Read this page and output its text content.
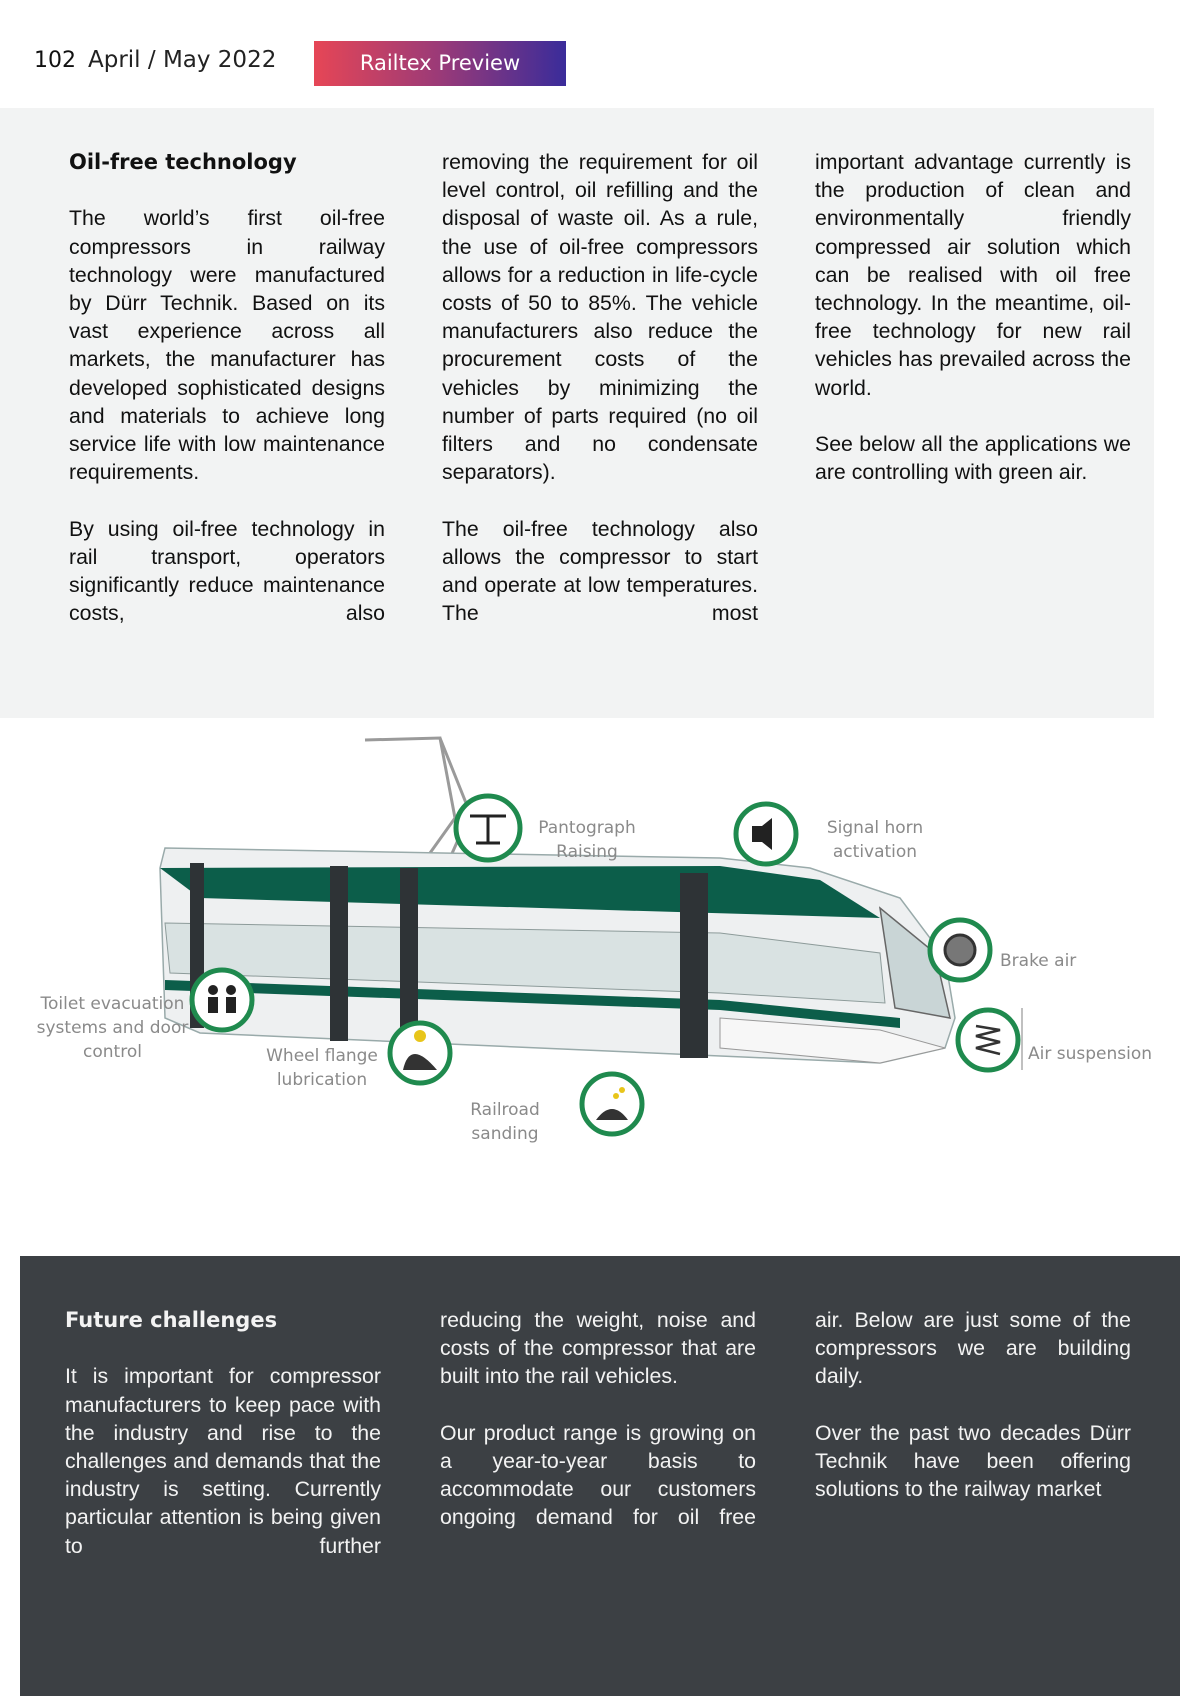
102 April / May 2022	Railtex Preview

Oil-free technology

The world’s first oil-free compressors in railway technology were manufactured by Dürr Technik. Based on its vast experience across all markets, the manufacturer has developed sophisticated designs and materials to achieve long service life with low maintenance requirements.

By using oil-free technology in rail transport, operators significantly reduce maintenance costs, also

removing the requirement for oil level control, oil refilling and the disposal of waste oil. As a rule, the use of oil-free compressors allows for a reduction in life-cycle costs of 50 to 85%. The vehicle manufacturers also reduce the procurement costs of the vehicles by minimizing the number of parts required (no oil filters and no condensate separators).

The oil-free technology also allows the compressor to start and operate at low temperatures. The most

important advantage currently is the production of clean and environmentally friendly compressed air solution which can be realised with oil free technology. In the meantime, oil-free technology for new rail vehicles has prevailed across the world.

See below all the applications we are controlling with green air.

Pantograph
Raising
Signal horn
activation
Brake air
Air suspension
Toilet evacuation
systems and door
control	Wheel flange
lubrication
Railroad
sanding

Future challenges

It is important for compressor manufacturers to keep pace with the industry and rise to the challenges and demands that the industry is setting. Currently particular attention is being given to further

reducing the weight, noise and costs of the compressor that are built into the rail vehicles.

Our product range is growing on a year-to-year basis to accommodate our customers ongoing demand for oil free

air. Below are just some of the compressors we are building daily.

Over the past two decades Dürr Technik have been offering solutions to the railway market
